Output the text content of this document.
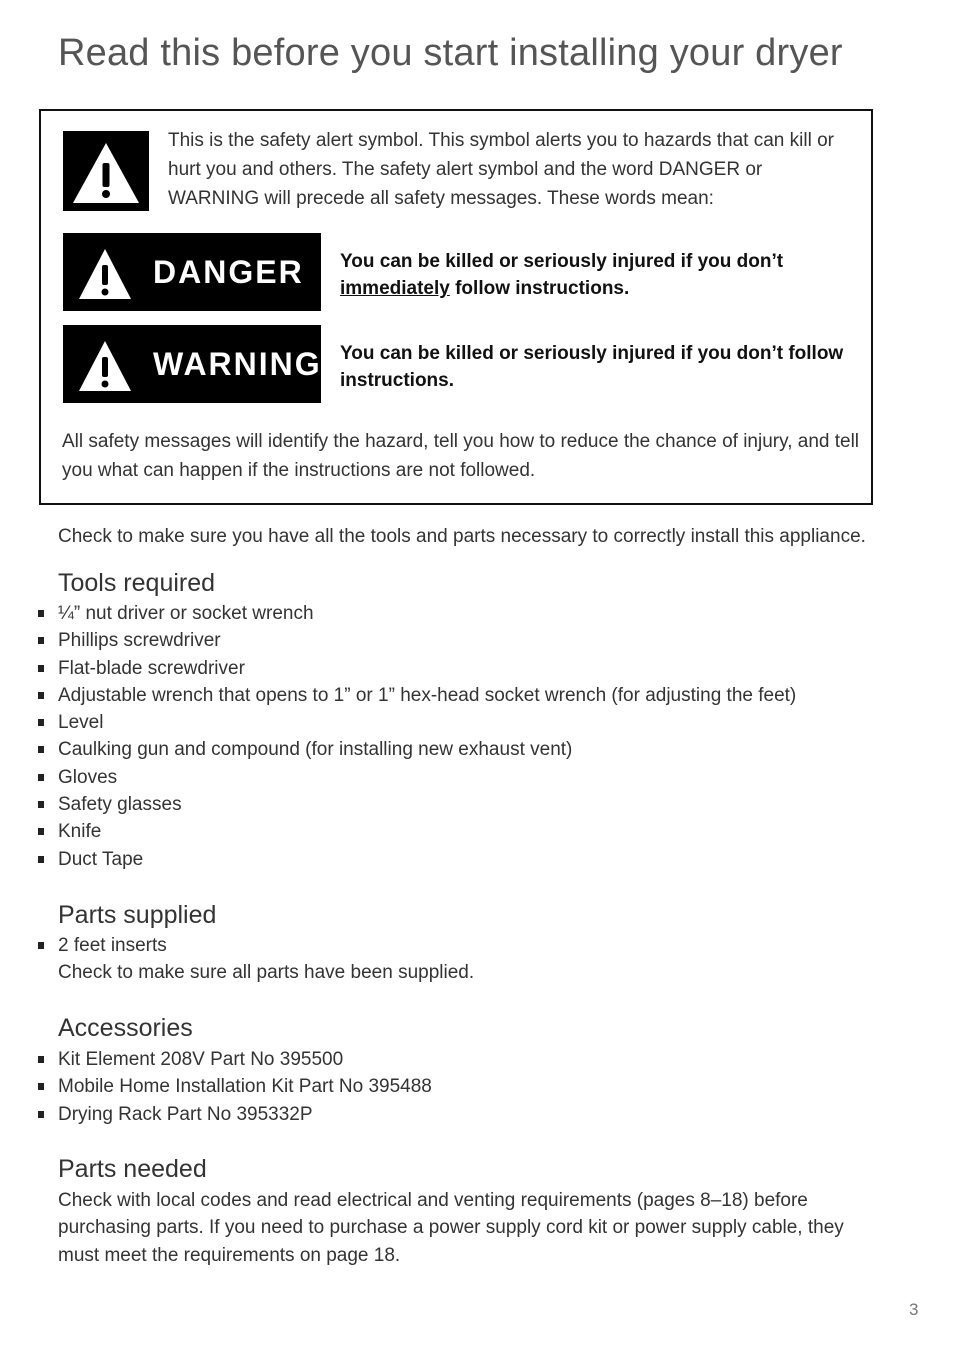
Read this before you start installing your dryer

This is the safety alert symbol. This symbol alerts you to hazards that can kill or hurt you and others. The safety alert symbol and the word DANGER or WARNING will precede all safety messages. These words mean:

DANGER You can be killed or seriously injured if you don’t immediately follow instructions.

WARNING You can be killed or seriously injured if you don’t follow instructions.

All safety messages will identify the hazard, tell you how to reduce the chance of injury, and tell you what can happen if the instructions are not followed.

Check to make sure you have all the tools and parts necessary to correctly install this appliance.

Tools required
¼” nut driver or socket wrench
Phillips screwdriver
Flat-blade screwdriver
Adjustable wrench that opens to 1” or 1” hex-head socket wrench (for adjusting the feet)
Level
Caulking gun and compound (for installing new exhaust vent)
Gloves
Safety glasses
Knife
Duct Tape
Parts supplied
2 feet inserts

Check to make sure all parts have been supplied.

Accessories
Kit Element 208V Part No 395500
Mobile Home Installation Kit Part No 395488
Drying Rack Part No 395332P
Parts needed

Check with local codes and read electrical and venting requirements (pages 8–18) before purchasing parts. If you need to purchase a power supply cord kit or power supply cable, they must meet the requirements on page 18.

3
